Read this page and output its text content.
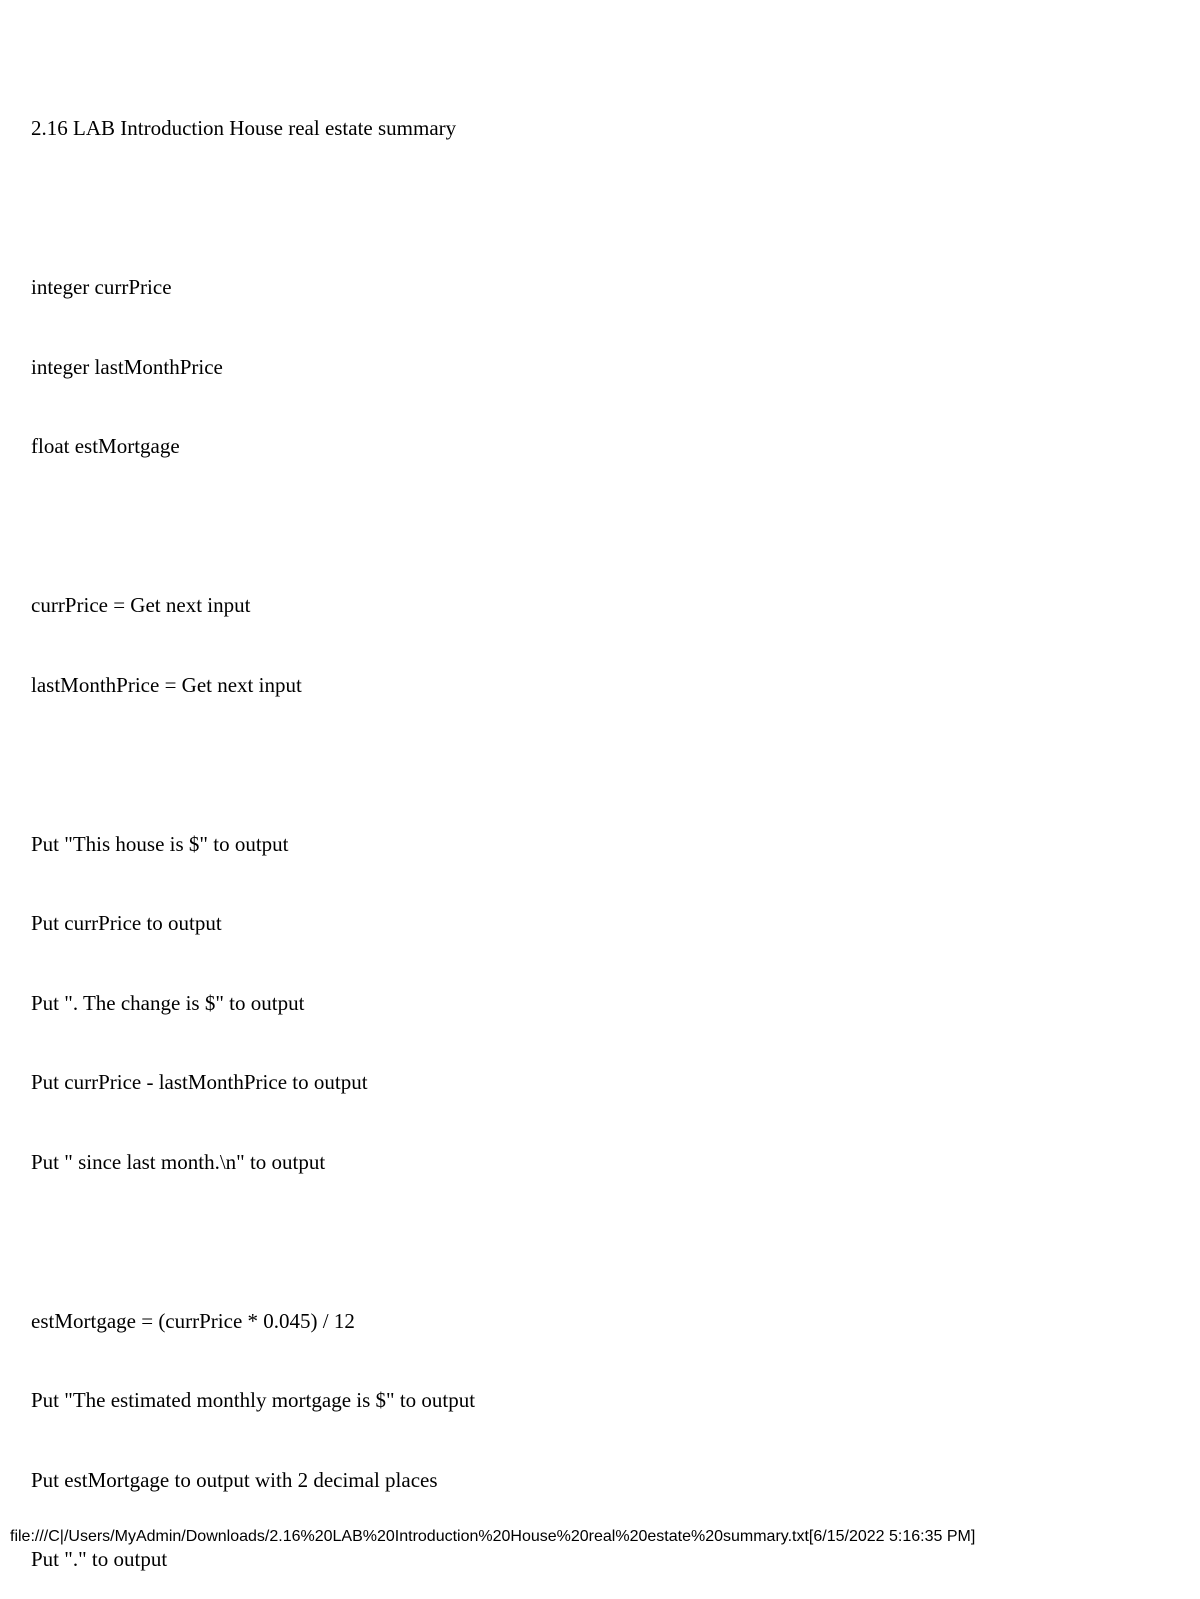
2.16 LAB Introduction House real estate summary

integer currPrice

integer lastMonthPrice

float estMortgage

currPrice = Get next input

lastMonthPrice = Get next input

Put "This house is $" to output

Put currPrice to output

Put ". The change is $" to output

Put currPrice - lastMonthPrice to output

Put " since last month.\n" to output

estMortgage = (currPrice * 0.045) / 12

Put "The estimated monthly mortgage is $" to output

Put estMortgage to output with 2 decimal places

Put "." to output

file:///C|/Users/MyAdmin/Downloads/2.16%20LAB%20Introduction%20House%20real%20estate%20summary.txt[6/15/2022 5:16:35 PM]
